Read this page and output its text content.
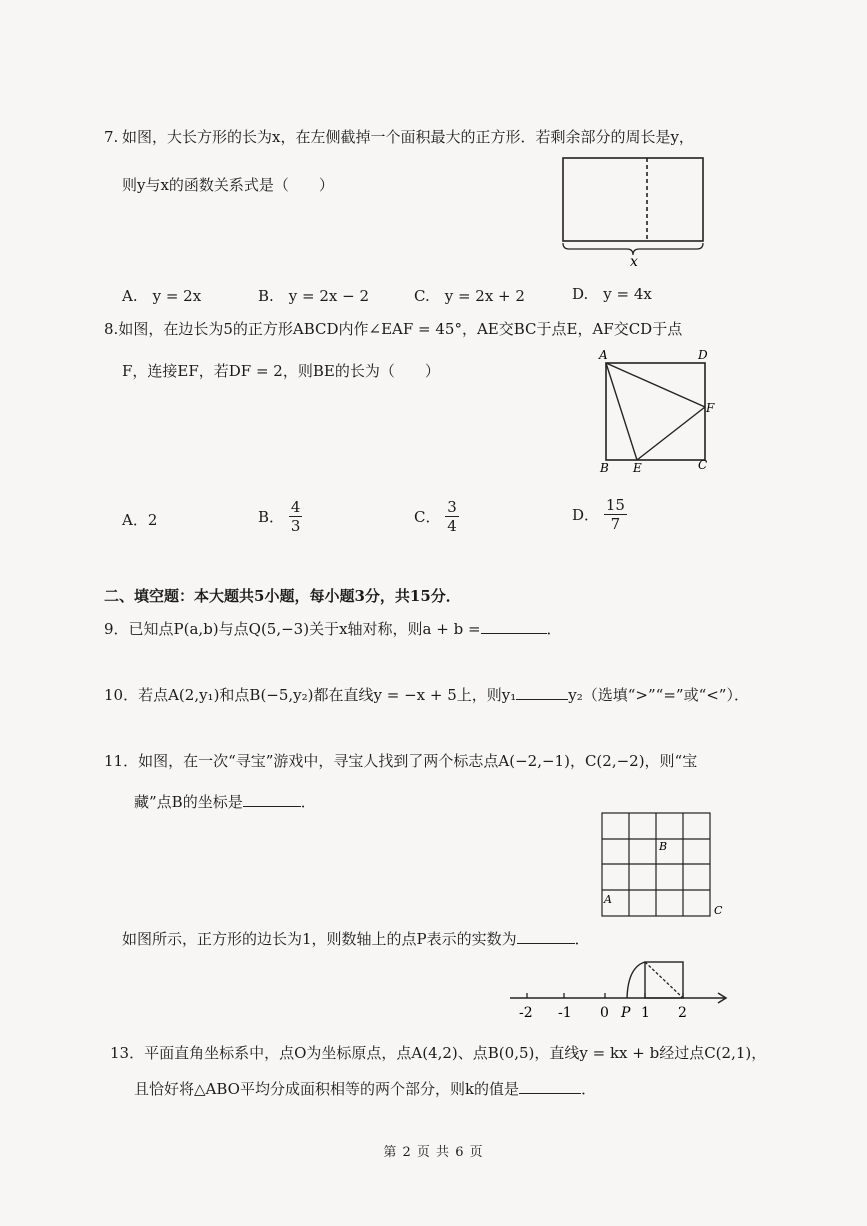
7. 如图，大长方形的长为x，在左侧截掉一个面积最大的正方形．若剩余部分的周长是y，
则y与x的函数关系式是（　　）
x
A.　y = 2x	B.　y = 2x − 2	C.　y = 2x + 2	D.　y = 4x
8.如图，在边长为5的正方形ABCD内作∠EAF = 45°，AE交BC于点E，AF交CD于点
F，连接EF，若DF = 2，则BE的长为（　　）
A	D
F
B E	C
A．2	B． $\frac{4}{3}$	C． $\frac{3}{4}$	D． $\frac{15}{7}$
二、填空题：本大题共5小题，每小题3分，共15分．
9．已知点P(a,b)与点Q(5,−3)关于x轴对称，则a + b =	．
10．若点A(2,y₁)和点B(−5,y₂)都在直线y = −x + 5上，则y₁	y₂（选填“>”“=”或“<”）．
11．如图，在一次“寻宝”游戏中，寻宝人找到了两个标志点A(−2,−1)，C(2,−2)，则“宝
藏”点B的坐标是	．
B
A
C
如图所示，正方形的边长为1，则数轴上的点P表示的实数为	．
-2 -1 0 P 1 2
13．平面直角坐标系中，点O为坐标原点，点A(4,2)、点B(0,5)，直线y = kx + b经过点C(2,1)，
且恰好将△ABO平均分成面积相等的两个部分，则k的值是	．
第 2 页 共 6 页
